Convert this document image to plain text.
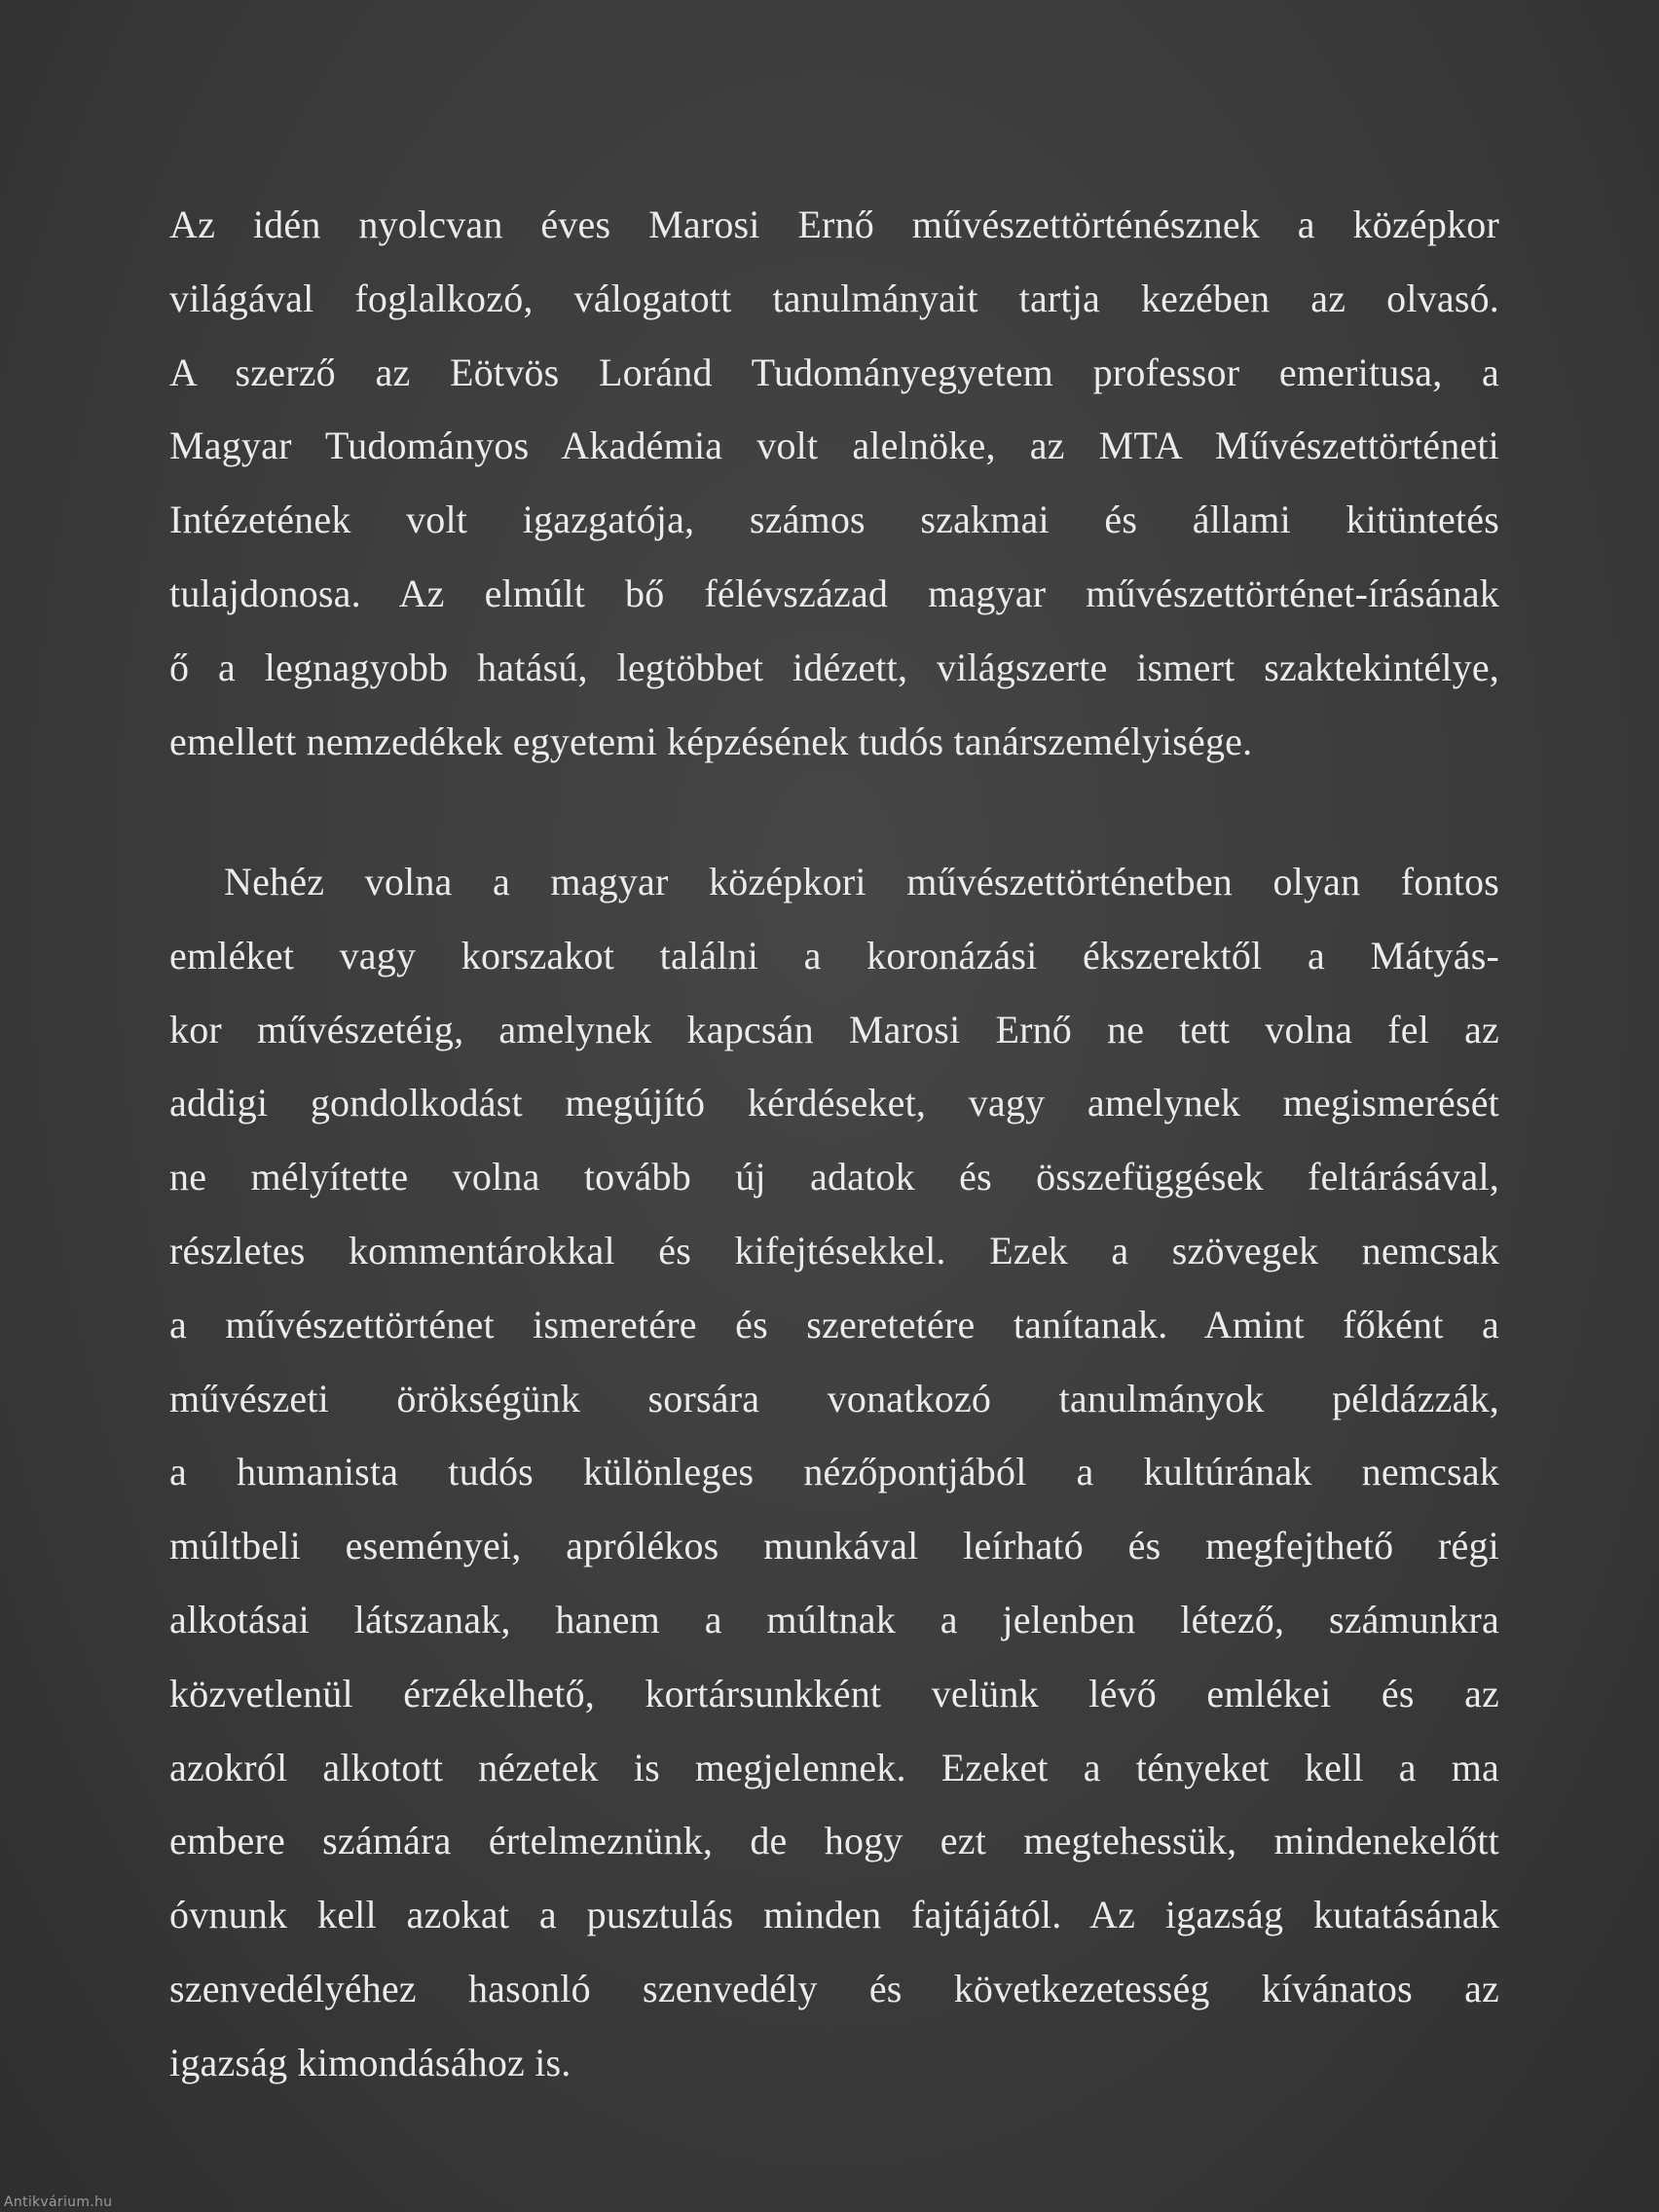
Az idén nyolcvan éves Marosi Ernő művészettörténésznek a középkor
világával foglalkozó, válogatott tanulmányait tartja kezében az olvasó.
A szerző az Eötvös Loránd Tudományegyetem professor emeritusa, a
Magyar Tudományos Akadémia volt alelnöke, az MTA Művészettörténeti
Intézetének volt igazgatója, számos szakmai és állami kitüntetés
tulajdonosa. Az elmúlt bő félévszázad magyar művészettörténet-írásának
ő a legnagyobb hatású, legtöbbet idézett, világszerte ismert szaktekintélye,
emellett nemzedékek egyetemi képzésének tudós tanárszemélyisége.
Nehéz volna a magyar középkori művészettörténetben olyan fontos
emléket vagy korszakot találni a koronázási ékszerektől a Mátyás-
kor művészetéig, amelynek kapcsán Marosi Ernő ne tett volna fel az
addigi gondolkodást megújító kérdéseket, vagy amelynek megismerését
ne mélyítette volna tovább új adatok és összefüggések feltárásával,
részletes kommentárokkal és kifejtésekkel. Ezek a szövegek nemcsak
a művészettörténet ismeretére és szeretetére tanítanak. Amint főként a
művészeti örökségünk sorsára vonatkozó tanulmányok példázzák,
a humanista tudós különleges nézőpontjából a kultúrának nemcsak
múltbeli eseményei, aprólékos munkával leírható és megfejthető régi
alkotásai látszanak, hanem a múltnak a jelenben létező, számunkra
közvetlenül érzékelhető, kortársunkként velünk lévő emlékei és az
azokról alkotott nézetek is megjelennek. Ezeket a tényeket kell a ma
embere számára értelmeznünk, de hogy ezt megtehessük, mindenekelőtt
óvnunk kell azokat a pusztulás minden fajtájától. Az igazság kutatásának
szenvedélyéhez hasonló szenvedély és következetesség kívánatos az
igazság kimondásához is.
Antikvárium.hu
